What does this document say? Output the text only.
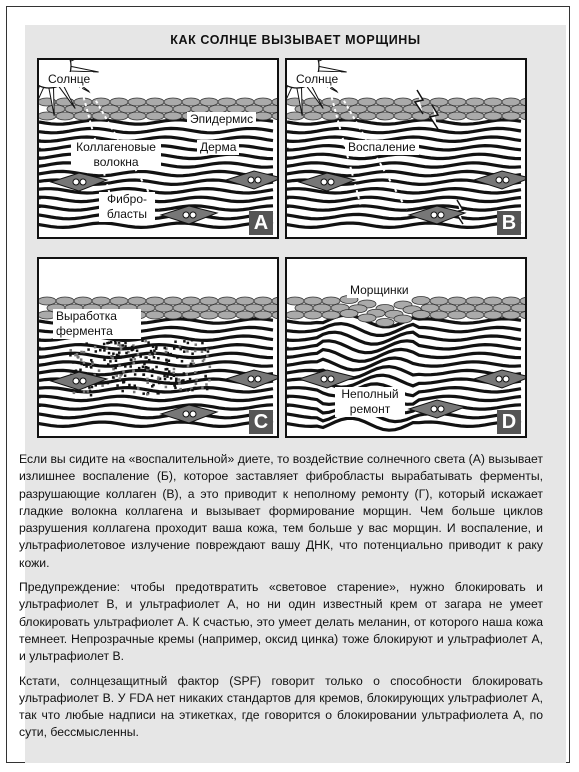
КАК СОЛНЦЕ ВЫЗЫВАЕТ МОРЩИНЫ
Солнце
Эпидермис
Коллагеновые волокна
Дерма
Фибро-бласты	A
Солнце
Воспаление
B
Выработка фермента
C
Морщинки
Неполный ремонт
D

Если вы сидите на «воспалительной» диете, то воздействие солнечного света (А) вызывает излишнее воспаление (Б), которое заставляет фибробласты вырабатывать ферменты, разрушающие коллаген (В), а это приводит к неполному ремонту (Г), который искажает гладкие волокна коллагена и вызывает формирование морщин. Чем больше циклов разрушения коллагена проходит ваша кожа, тем больше у вас морщин. И воспаление, и ультрафиолетовое излучение повреждают вашу ДНК, что потенциально приводит к раку кожи.

Предупреждение: чтобы предотвратить «световое старение», нужно блокировать и ультрафиолет В, и ультрафиолет А, но ни один известный крем от загара не умеет блокировать ультрафиолет А. К счастью, это умеет делать меланин, от которого наша кожа темнеет. Непрозрачные кремы (например, оксид цинка) тоже блокируют и ультрафиолет А, и ультрафиолет В.

Кстати, солнцезащитный фактор (SPF) говорит только о способности блокировать ультрафиолет В. У FDA нет никаких стандартов для кремов, блокирующих ультрафиолет А, так что любые надписи на этикетках, где говорится о блокировании ультрафиолета А, по сути, бессмысленны.
